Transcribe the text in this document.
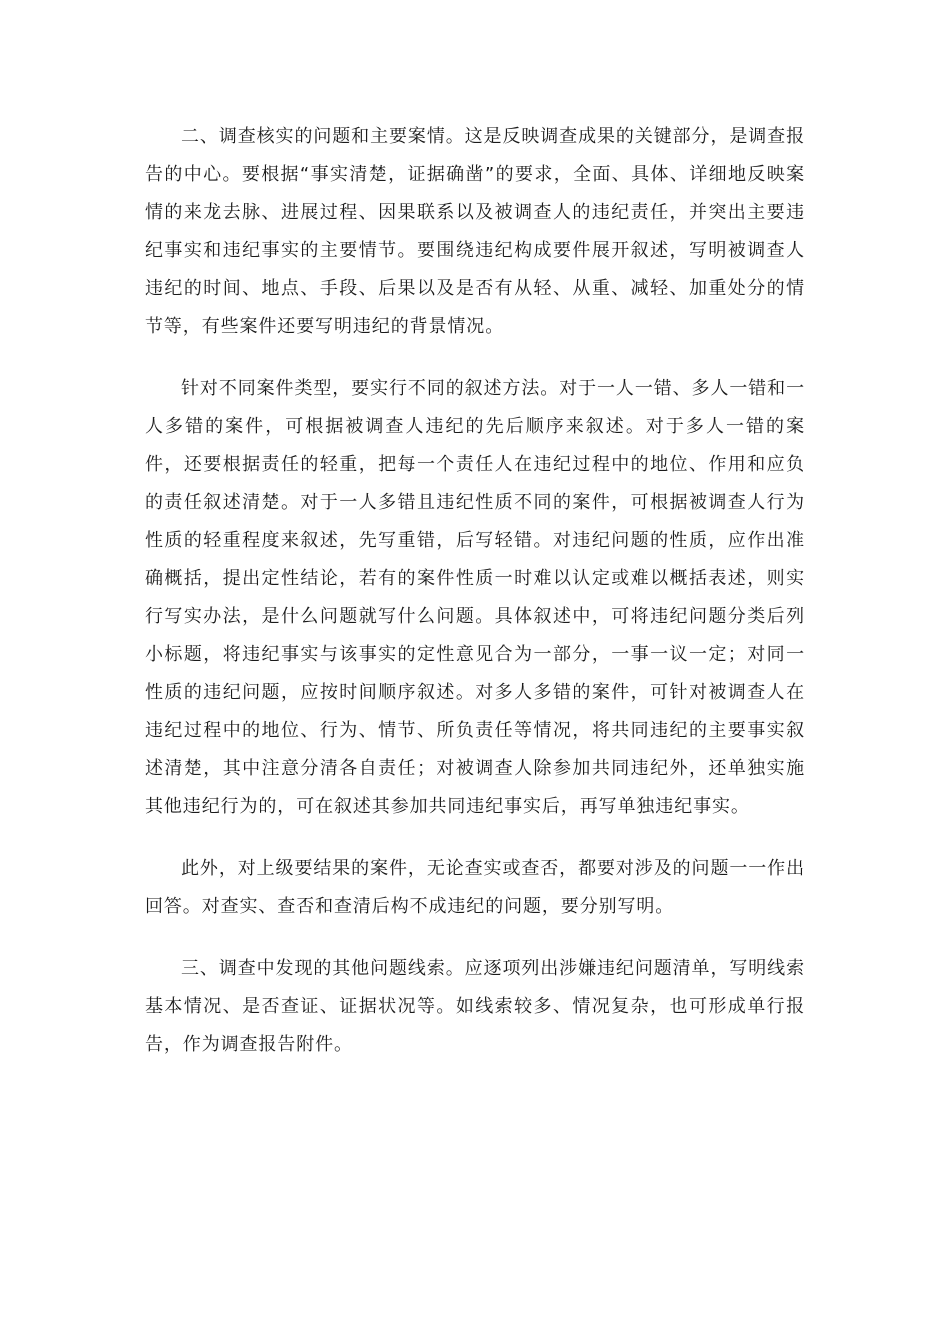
二、调查核实的问题和主要案情。这是反映调查成果的关键部分，是调查报告的中心。要根据“事实清楚，证据确凿”的要求，全面、具体、详细地反映案情的来龙去脉、进展过程、因果联系以及被调查人的违纪责任，并突出主要违纪事实和违纪事实的主要情节。要围绕违纪构成要件展开叙述，写明被调查人违纪的时间、地点、手段、后果以及是否有从轻、从重、减轻、加重处分的情节等，有些案件还要写明违纪的背景情况。

针对不同案件类型，要实行不同的叙述方法。对于一人一错、多人一错和一人多错的案件，可根据被调查人违纪的先后顺序来叙述。对于多人一错的案件，还要根据责任的轻重，把每一个责任人在违纪过程中的地位、作用和应负的责任叙述清楚。对于一人多错且违纪性质不同的案件，可根据被调查人行为性质的轻重程度来叙述，先写重错，后写轻错。对违纪问题的性质，应作出准确概括，提出定性结论，若有的案件性质一时难以认定或难以概括表述，则实行写实办法，是什么问题就写什么问题。具体叙述中，可将违纪问题分类后列小标题，将违纪事实与该事实的定性意见合为一部分，一事一议一定；对同一性质的违纪问题，应按时间顺序叙述。对多人多错的案件，可针对被调查人在违纪过程中的地位、行为、情节、所负责任等情况，将共同违纪的主要事实叙述清楚，其中注意分清各自责任；对被调查人除参加共同违纪外，还单独实施其他违纪行为的，可在叙述其参加共同违纪事实后，再写单独违纪事实。

此外，对上级要结果的案件，无论查实或查否，都要对涉及的问题一一作出回答。对查实、查否和查清后构不成违纪的问题，要分别写明。

三、调查中发现的其他问题线索。应逐项列出涉嫌违纪问题清单，写明线索基本情况、是否查证、证据状况等。如线索较多、情况复杂，也可形成单行报告，作为调查报告附件。
